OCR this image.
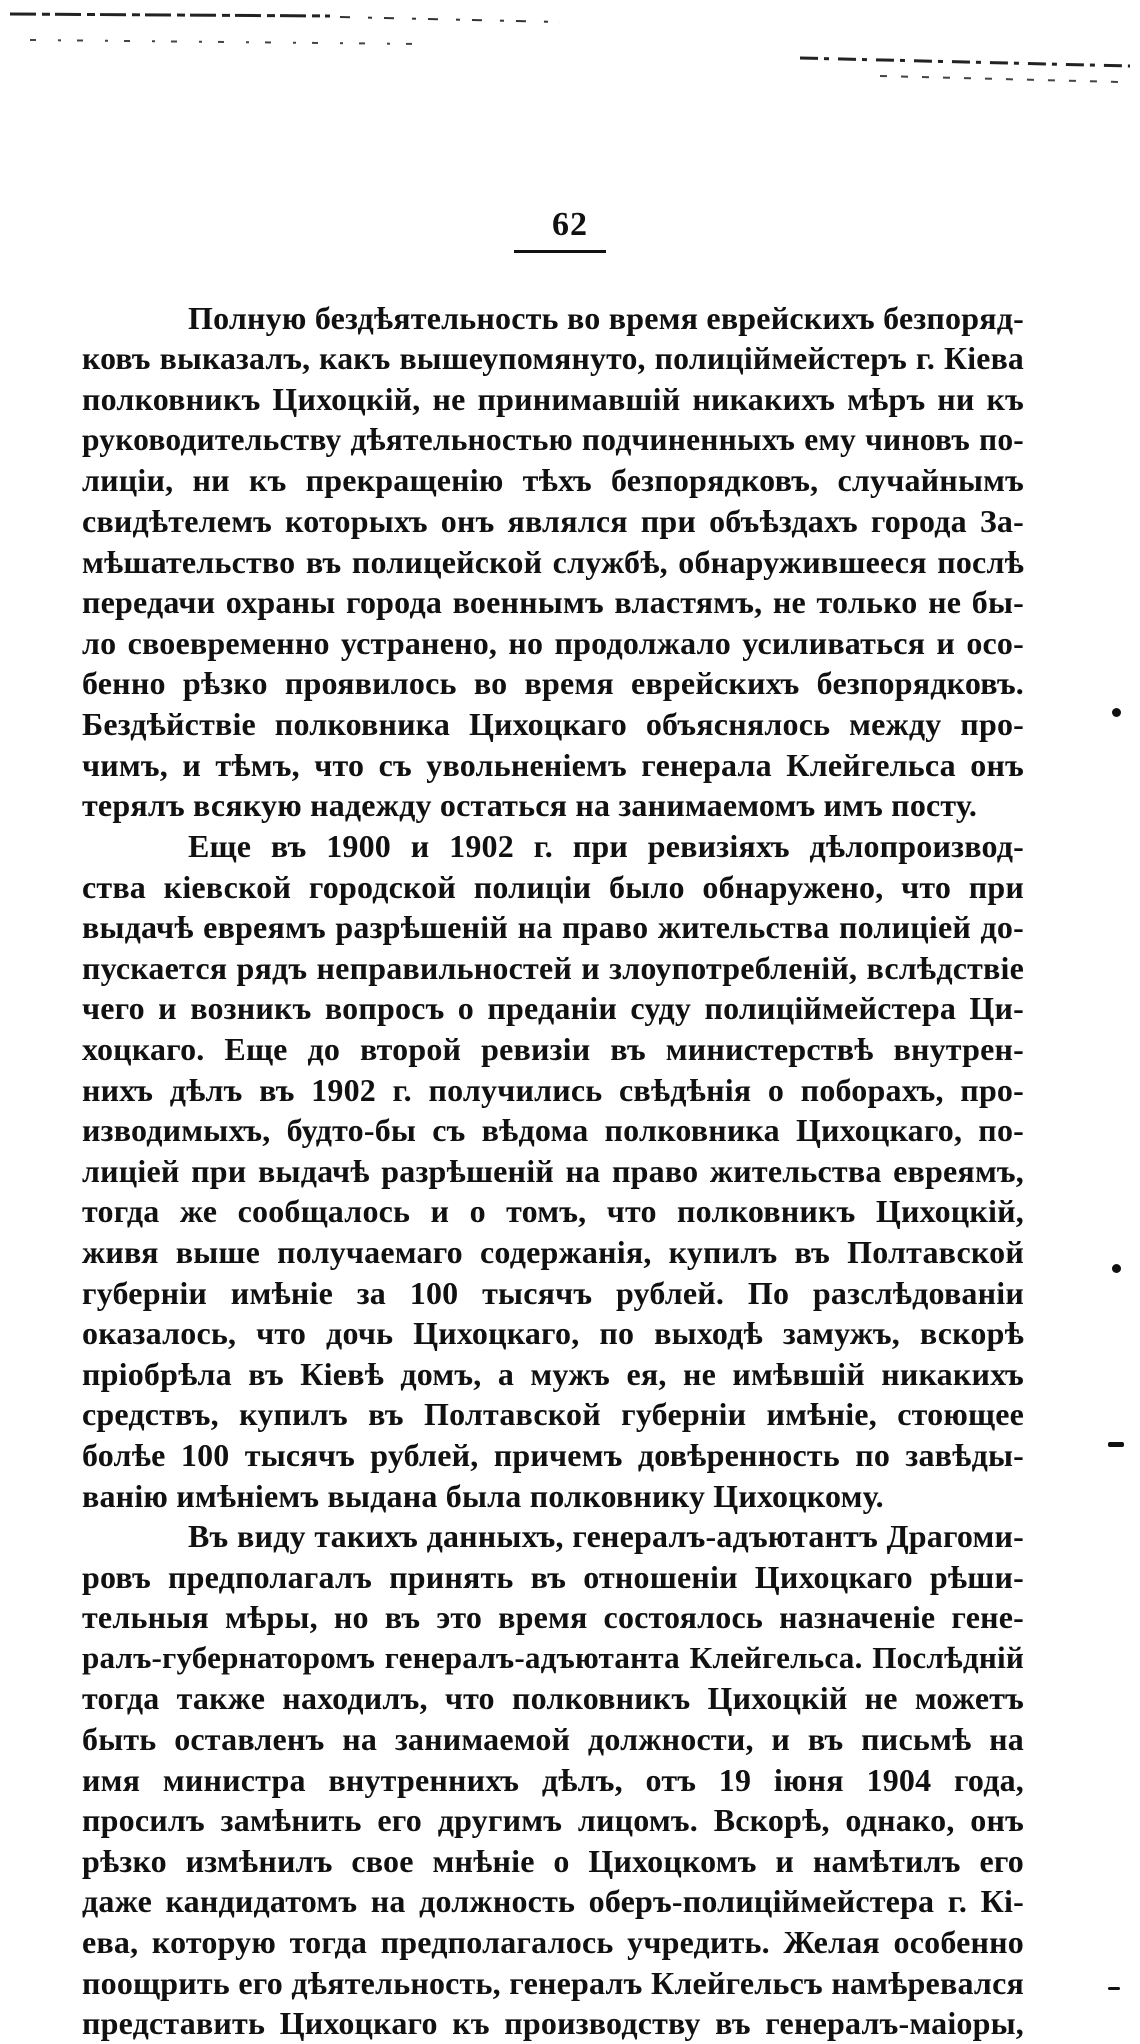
62
Полную бездѣятельность во время еврейскихъ безпоряд-
ковъ выказалъ, какъ вышеупомянуто, полицiймейстеръ г. Кiева
полковникъ Цихоцкiй, не принимавшiй никакихъ мѣръ ни къ
руководительству дѣятельностью подчиненныхъ ему чиновъ по-
лицiи, ни къ прекращенiю тѣхъ безпорядковъ, случайнымъ
свидѣтелемъ которыхъ онъ являлся при объѣздахъ города За-
мѣшательство въ полицейской службѣ, обнаружившееся послѣ
передачи охраны города военнымъ властямъ, не только не бы-
ло своевременно устранено, но продолжало усиливаться и осо-
бенно рѣзко проявилось во время еврейскихъ безпорядковъ.
Бездѣйствiе полковника Цихоцкаго объяснялось между про-
чимъ, и тѣмъ, что съ увольненiемъ генерала Клейгельса онъ
терялъ всякую надежду остаться на занимаемомъ имъ посту.
Еще въ 1900 и 1902 г. при ревизiяхъ дѣлопроизвод-
ства кiевской городской полицiи было обнаружено, что при
выдачѣ евреямъ разрѣшенiй на право жительства полицiей до-
пускается рядъ неправильностей и злоупотребленiй, вслѣдствiе
чего и возникъ вопросъ о преданiи суду полицiймейстера Ци-
хоцкаго. Еще до второй ревизiи въ министерствѣ внутрен-
нихъ дѣлъ въ 1902 г. получились свѣдѣнiя о поборахъ, про-
изводимыхъ, будто-бы съ вѣдома полковника Цихоцкаго, по-
лицiей при выдачѣ разрѣшенiй на право жительства евреямъ,
тогда же сообщалось и о томъ, что полковникъ Цихоцкiй,
живя выше получаемаго содержанiя, купилъ въ Полтавской
губернiи имѣнiе за 100 тысячъ рублей. По разслѣдованiи
оказалось, что дочь Цихоцкаго, по выходѣ замужъ, вскорѣ
прiобрѣла въ Кiевѣ домъ, а мужъ ея, не имѣвшiй никакихъ
средствъ, купилъ въ Полтавской губернiи имѣнiе, стоющее
болѣе 100 тысячъ рублей, причемъ довѣренность по завѣды-
ванiю имѣнiемъ выдана была полковнику Цихоцкому.
Въ виду такихъ данныхъ, генералъ-адъютантъ Драгоми-
ровъ предполагалъ принять въ отношенiи Цихоцкаго рѣши-
тельныя мѣры, но въ это время состоялось назначенiе гене-
ралъ-губернаторомъ генералъ-адъютанта Клейгельса. Послѣднiй
тогда также находилъ, что полковникъ Цихоцкiй не можетъ
быть оставленъ на занимаемой должности, и въ письмѣ на
имя министра внутреннихъ дѣлъ, отъ 19 iюня 1904 года,
просилъ замѣнить его другимъ лицомъ. Вскорѣ, однако, онъ
рѣзко измѣнилъ свое мнѣнiе о Цихоцкомъ и намѣтилъ его
даже кандидатомъ на должность оберъ-полицiймейстера г. Кi-
ева, которую тогда предполагалось учредить. Желая особенно
поощрить его дѣятельность, генералъ Клейгельсъ намѣревался
представить Цихоцкаго къ производству въ генералъ-маiоры,
